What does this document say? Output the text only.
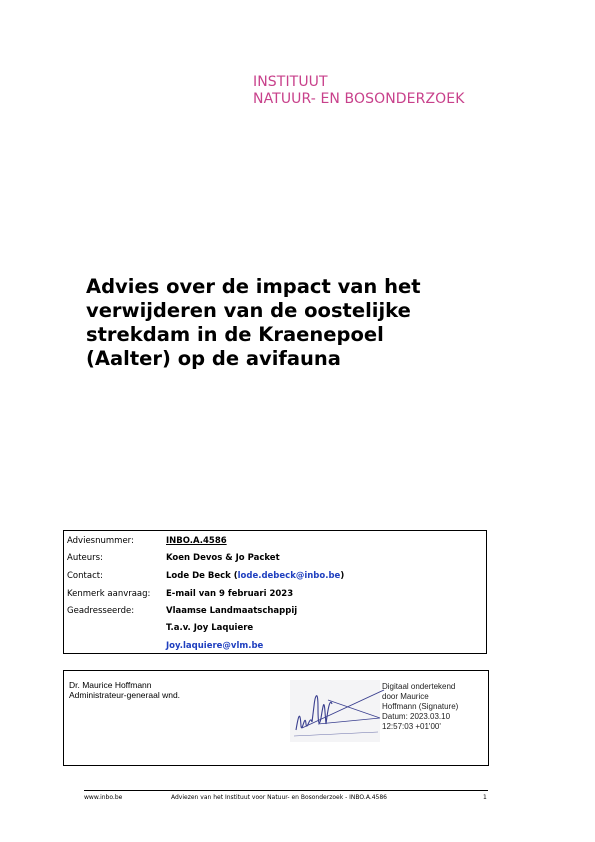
INSTITUUT
NATUUR- EN BOSONDERZOEK
Advies over de impact van het
verwijderen van de oostelijke
strekdam in de Kraenepoel
(Aalter) op de avifauna
Adviesnummer:	INBO.A.4586
Auteurs:	Koen Devos & Jo Packet
Contact:	Lode De Beck (lode.debeck@inbo.be)
Kenmerk aanvraag:	E-mail van 9 februari 2023
Geadresseerde:	Vlaamse Landmaatschappij
T.a.v. Joy Laquiere
Joy.laquiere@vlm.be
Dr. Maurice Hoffmann
Administrateur-generaal wnd.
Digitaal ondertekend
door Maurice
Hoffmann (Signature)
Datum: 2023.03.10
12:57:03 +01'00'
www.inbo.be	Adviezen van het Instituut voor Natuur- en Bosonderzoek - INBO.A.4586	1
